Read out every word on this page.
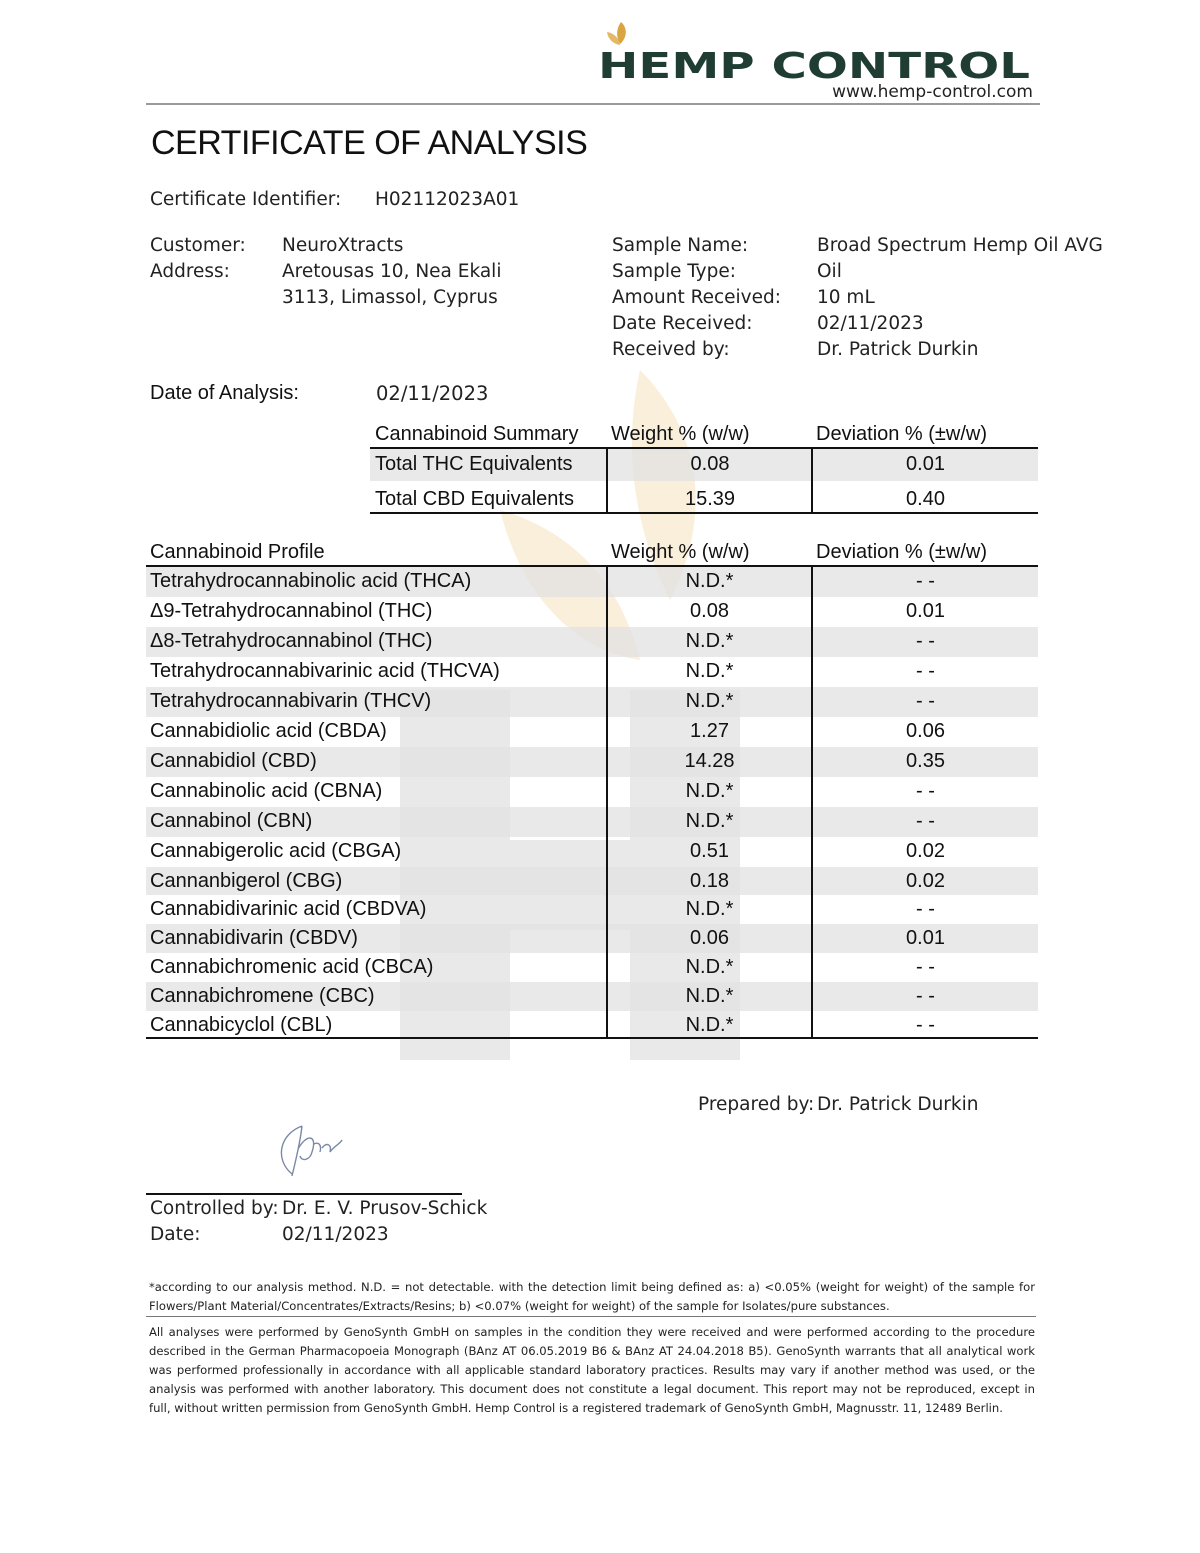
HEMP CONTROL
www.hemp-control.com
CERTIFICATE OF ANALYSIS
Certificate Identifier: H02112023A01
Customer: NeuroXtracts
Address:	Aretousas 10, Nea Ekali
3113, Limassol, Cyprus
Sample Name:	Broad Spectrum Hemp Oil AVG
Sample Type:	Oil
Amount Received: 10 mL
Date Received:	02/11/2023
Received by:	Dr. Patrick Durkin
Date of Analysis:	02/11/2023
Cannabinoid Summary Weight % (w/w)	Deviation % (±w/w)
Total THC Equivalents	0.08	0.01
Total CBD Equivalents	15.39	0.40
Cannabinoid Profile	Weight % (w/w)	Deviation % (±w/w)
Tetrahydrocannabinolic acid (THCA)	N.D.*	- -
Δ9-Tetrahydrocannabinol (THC)	0.08	0.01
Δ8-Tetrahydrocannabinol (THC)	N.D.*	- -
Tetrahydrocannabivarinic acid (THCVA)	N.D.*	- -
Tetrahydrocannabivarin (THCV)	N.D.*	- -
Cannabidiolic acid (CBDA)	1.27	0.06
Cannabidiol (CBD)	14.28	0.35
Cannabinolic acid (CBNA)	N.D.*	- -
Cannabinol (CBN)	N.D.*	- -
Cannabigerolic acid (CBGA)	0.51	0.02
Cannanbigerol (CBG)	0.18	0.02
Cannabidivarinic acid (CBDVA)	N.D.*	- -
Cannabidivarin (CBDV)	0.06	0.01
Cannabichromenic acid (CBCA)	N.D.*	- -
Cannabichromene (CBC)	N.D.*	- -
Cannabicyclol (CBL)	N.D.*	- -
Prepared by: Dr. Patrick Durkin
Controlled by: Dr. E. V. Prusov-Schick
Date:	02/11/2023
*according to our analysis method. N.D. = not detectable. with the detection limit being defined as: a) <0.05% (weight for weight) of the sample for Flowers/Plant Material/Concentrates/Extracts/Resins; b) <0.07% (weight for weight) of the sample for Isolates/pure substances.
All analyses were performed by GenoSynth GmbH on samples in the condition they were received and were performed according to the procedure described in the German Pharmacopoeia Monograph (BAnz AT 06.05.2019 B6 & BAnz AT 24.04.2018 B5). GenoSynth warrants that all analytical work was performed professionally in accordance with all applicable standard laboratory practices. Results may vary if another method was used, or the analysis was performed with another laboratory. This document does not constitute a legal document. This report may not be reproduced, except in full, without written permission from GenoSynth GmbH. Hemp Control is a registered trademark of GenoSynth GmbH, Magnusstr. 11, 12489 Berlin.
